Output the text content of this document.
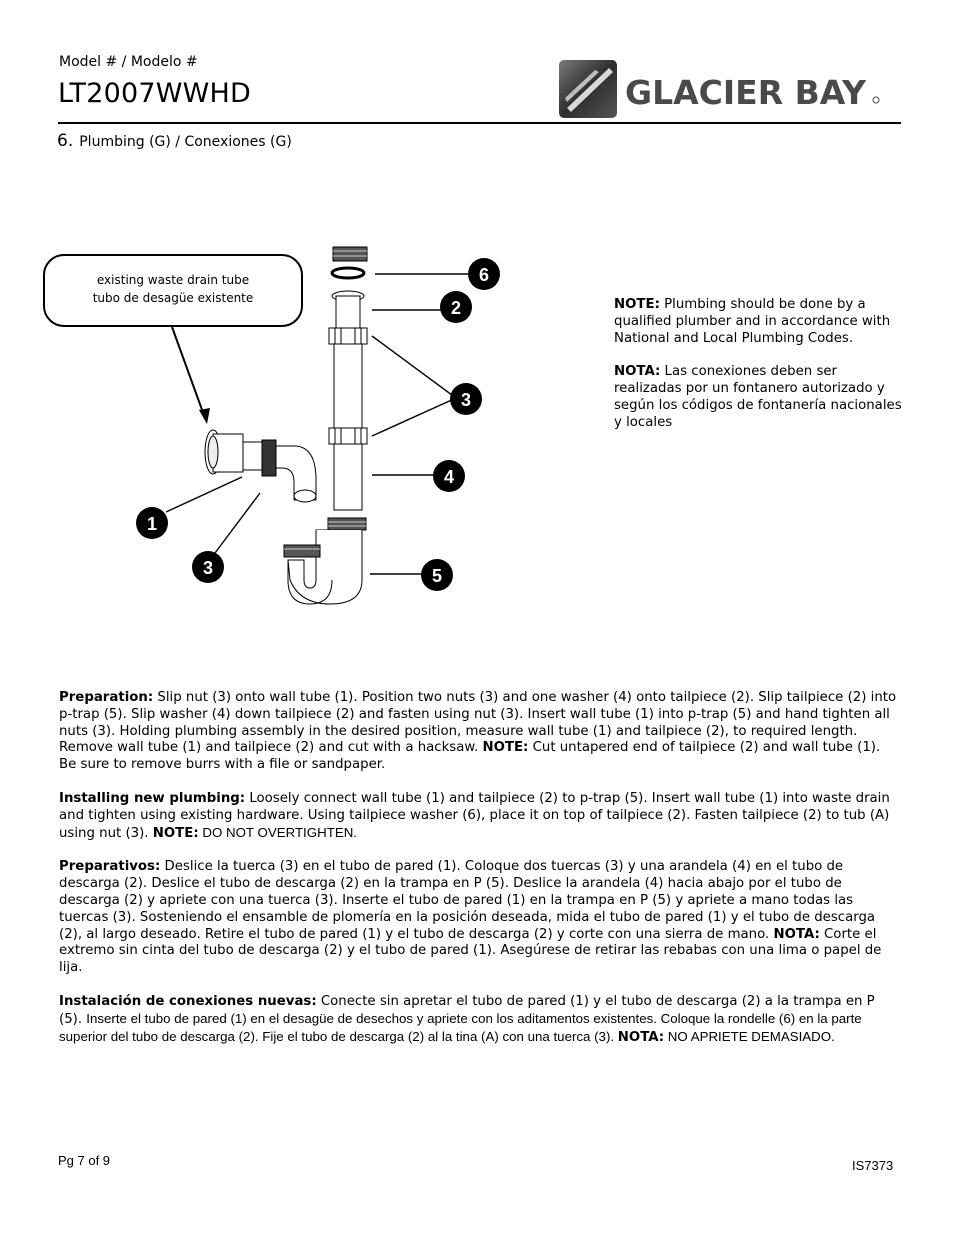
Model # / Modelo #
LT2007WWHD	GLACIER BAY
6. Plumbing (G) / Conexiones (G)
existing waste drain tube
tubo de desagüe existente
6
2
3
4
5
1
3

NOTE: Plumbing should be done by a qualified plumber and in accordance with National and Local Plumbing Codes.

NOTA: Las conexiones deben ser realizadas por un fontanero autorizado y según los códigos de fontanería nacionales y locales

Preparation: Slip nut (3) onto wall tube (1). Position two nuts (3) and one washer (4) onto tailpiece (2). Slip tailpiece (2) into p-trap (5). Slip washer (4) down tailpiece (2) and fasten using nut (3). Insert wall tube (1) into p-trap (5) and hand tighten all nuts (3). Holding plumbing assembly in the desired position, measure wall tube (1) and tailpiece (2), to required length. Remove wall tube (1) and tailpiece (2) and cut with a hacksaw. NOTE: Cut untapered end of tailpiece (2) and wall tube (1). Be sure to remove burrs with a file or sandpaper.

Installing new plumbing: Loosely connect wall tube (1) and tailpiece (2) to p-trap (5). Insert wall tube (1) into waste drain and tighten using existing hardware. Using tailpiece washer (6), place it on top of tailpiece (2). Fasten tailpiece (2) to tub (A) using nut (3). NOTE: DO NOT OVERTIGHTEN.

Preparativos: Deslice la tuerca (3) en el tubo de pared (1). Coloque dos tuercas (3) y una arandela (4) en el tubo de descarga (2). Deslice el tubo de descarga (2) en la trampa en P (5). Deslice la arandela (4) hacia abajo por el tubo de descarga (2) y apriete con una tuerca (3). Inserte el tubo de pared (1) en la trampa en P (5) y apriete a mano todas las tuercas (3). Sosteniendo el ensamble de plomería en la posición deseada, mida el tubo de pared (1) y el tubo de descarga (2), al largo deseado. Retire el tubo de pared (1) y el tubo de descarga (2) y corte con una sierra de mano. NOTA: Corte el extremo sin cinta del tubo de descarga (2) y el tubo de pared (1). Asegúrese de retirar las rebabas con una lima o papel de lija.

Instalación de conexiones nuevas: Conecte sin apretar el tubo de pared (1) y el tubo de descarga (2) a la trampa en P (5). Inserte el tubo de pared (1) en el desagüe de desechos y apriete con los aditamentos existentes. Coloque la rondelle (6) en la parte superior del tubo de descarga (2). Fije el tubo de descarga (2) al la tina (A) con una tuerca (3). NOTA: NO APRIETE DEMASIADO.

Pg 7 of 9	IS7373
